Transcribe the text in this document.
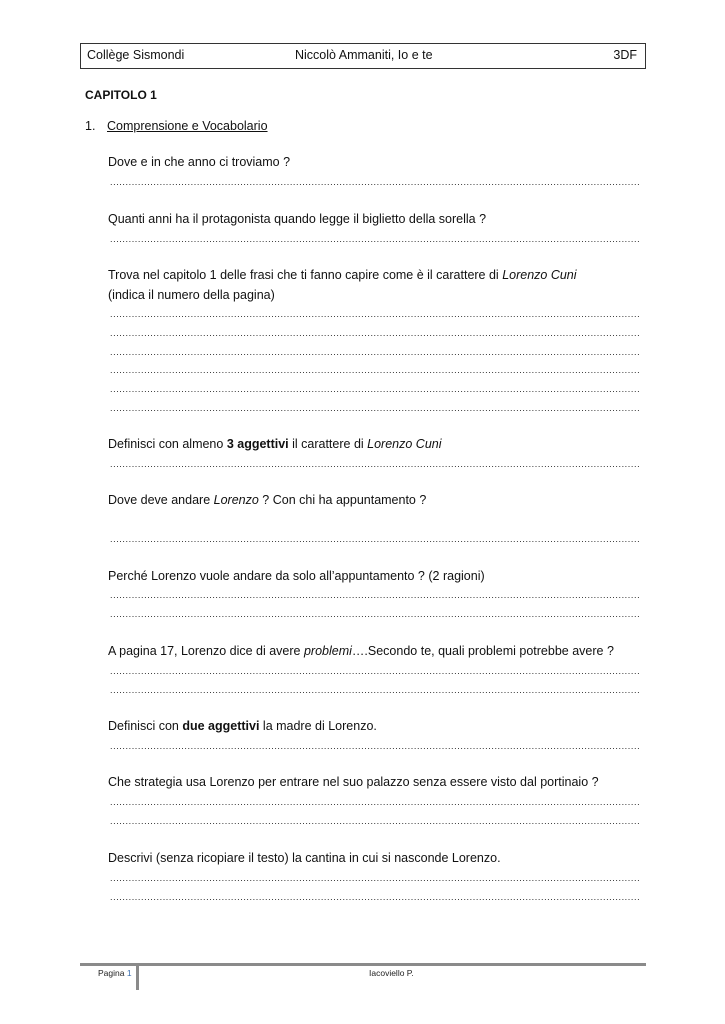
Collège Sismondi	Niccolò Ammaniti, Io e te	3DF
CAPITOLO 1
1. Comprensione e Vocabolario
Dove e in che anno ci troviamo ?
.....
Quanti anni ha il protagonista quando legge il biglietto della sorella ?
.....
Trova nel capitolo 1 delle frasi che ti fanno capire come è il carattere di Lorenzo Cuni
(indica il numero della pagina)
.....
.....
.....
.....
.....
.....
Definisci con almeno 3 aggettivi il carattere di Lorenzo Cuni
.....
Dove deve andare Lorenzo ? Con chi ha appuntamento ?
.....
Perché Lorenzo vuole andare da solo all’appuntamento ? (2 ragioni)
.....
.....
A pagina 17, Lorenzo dice di avere problemi….Secondo te, quali problemi potrebbe avere ?
.....
.....
Definisci con due aggettivi la madre di Lorenzo.
.....
Che strategia usa Lorenzo per entrare nel suo palazzo senza essere visto dal portinaio ?
.....
.....
Descrivi (senza ricopiare il testo) la cantina in cui si nasconde Lorenzo.
.....
.....
Pagina 1	Iacoviello P.
